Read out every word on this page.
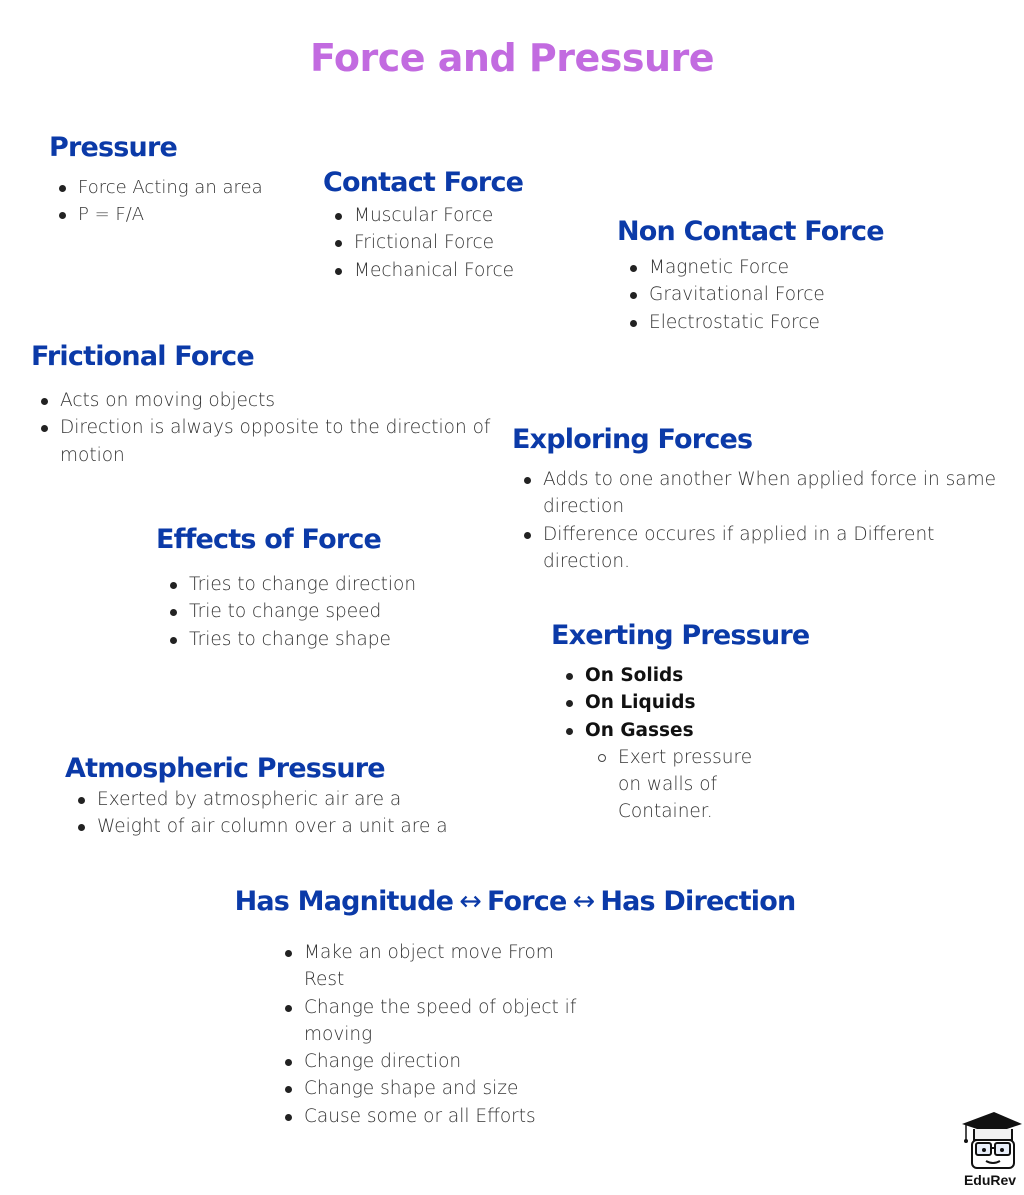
Force and Pressure
Pressure
Force Acting an area
P = F/A
Contact Force
Muscular Force
Frictional Force
Mechanical Force
Non Contact Force
Magnetic Force
Gravitational Force
Electrostatic Force
Frictional Force
Acts on moving objects
Direction is always opposite to the direction of motion
Exploring Forces
Adds to one another When applied force in same direction
Difference occures if applied in a Different direction.
Effects of Force
Tries to change direction
Trie to change speed
Tries to change shape	Exerting Pressure
On Solids
On Liquids
On Gasses
Exert pressure on walls of Container.
Atmospheric Pressure
Exerted by atmospheric air are a
Weight of air column over a unit are a
Has Magnitude ↔ Force ↔ Has Direction
Make an object move From Rest
Change the speed of object if moving
Change direction
Change shape and size
Cause some or all Efforts
EduRev
